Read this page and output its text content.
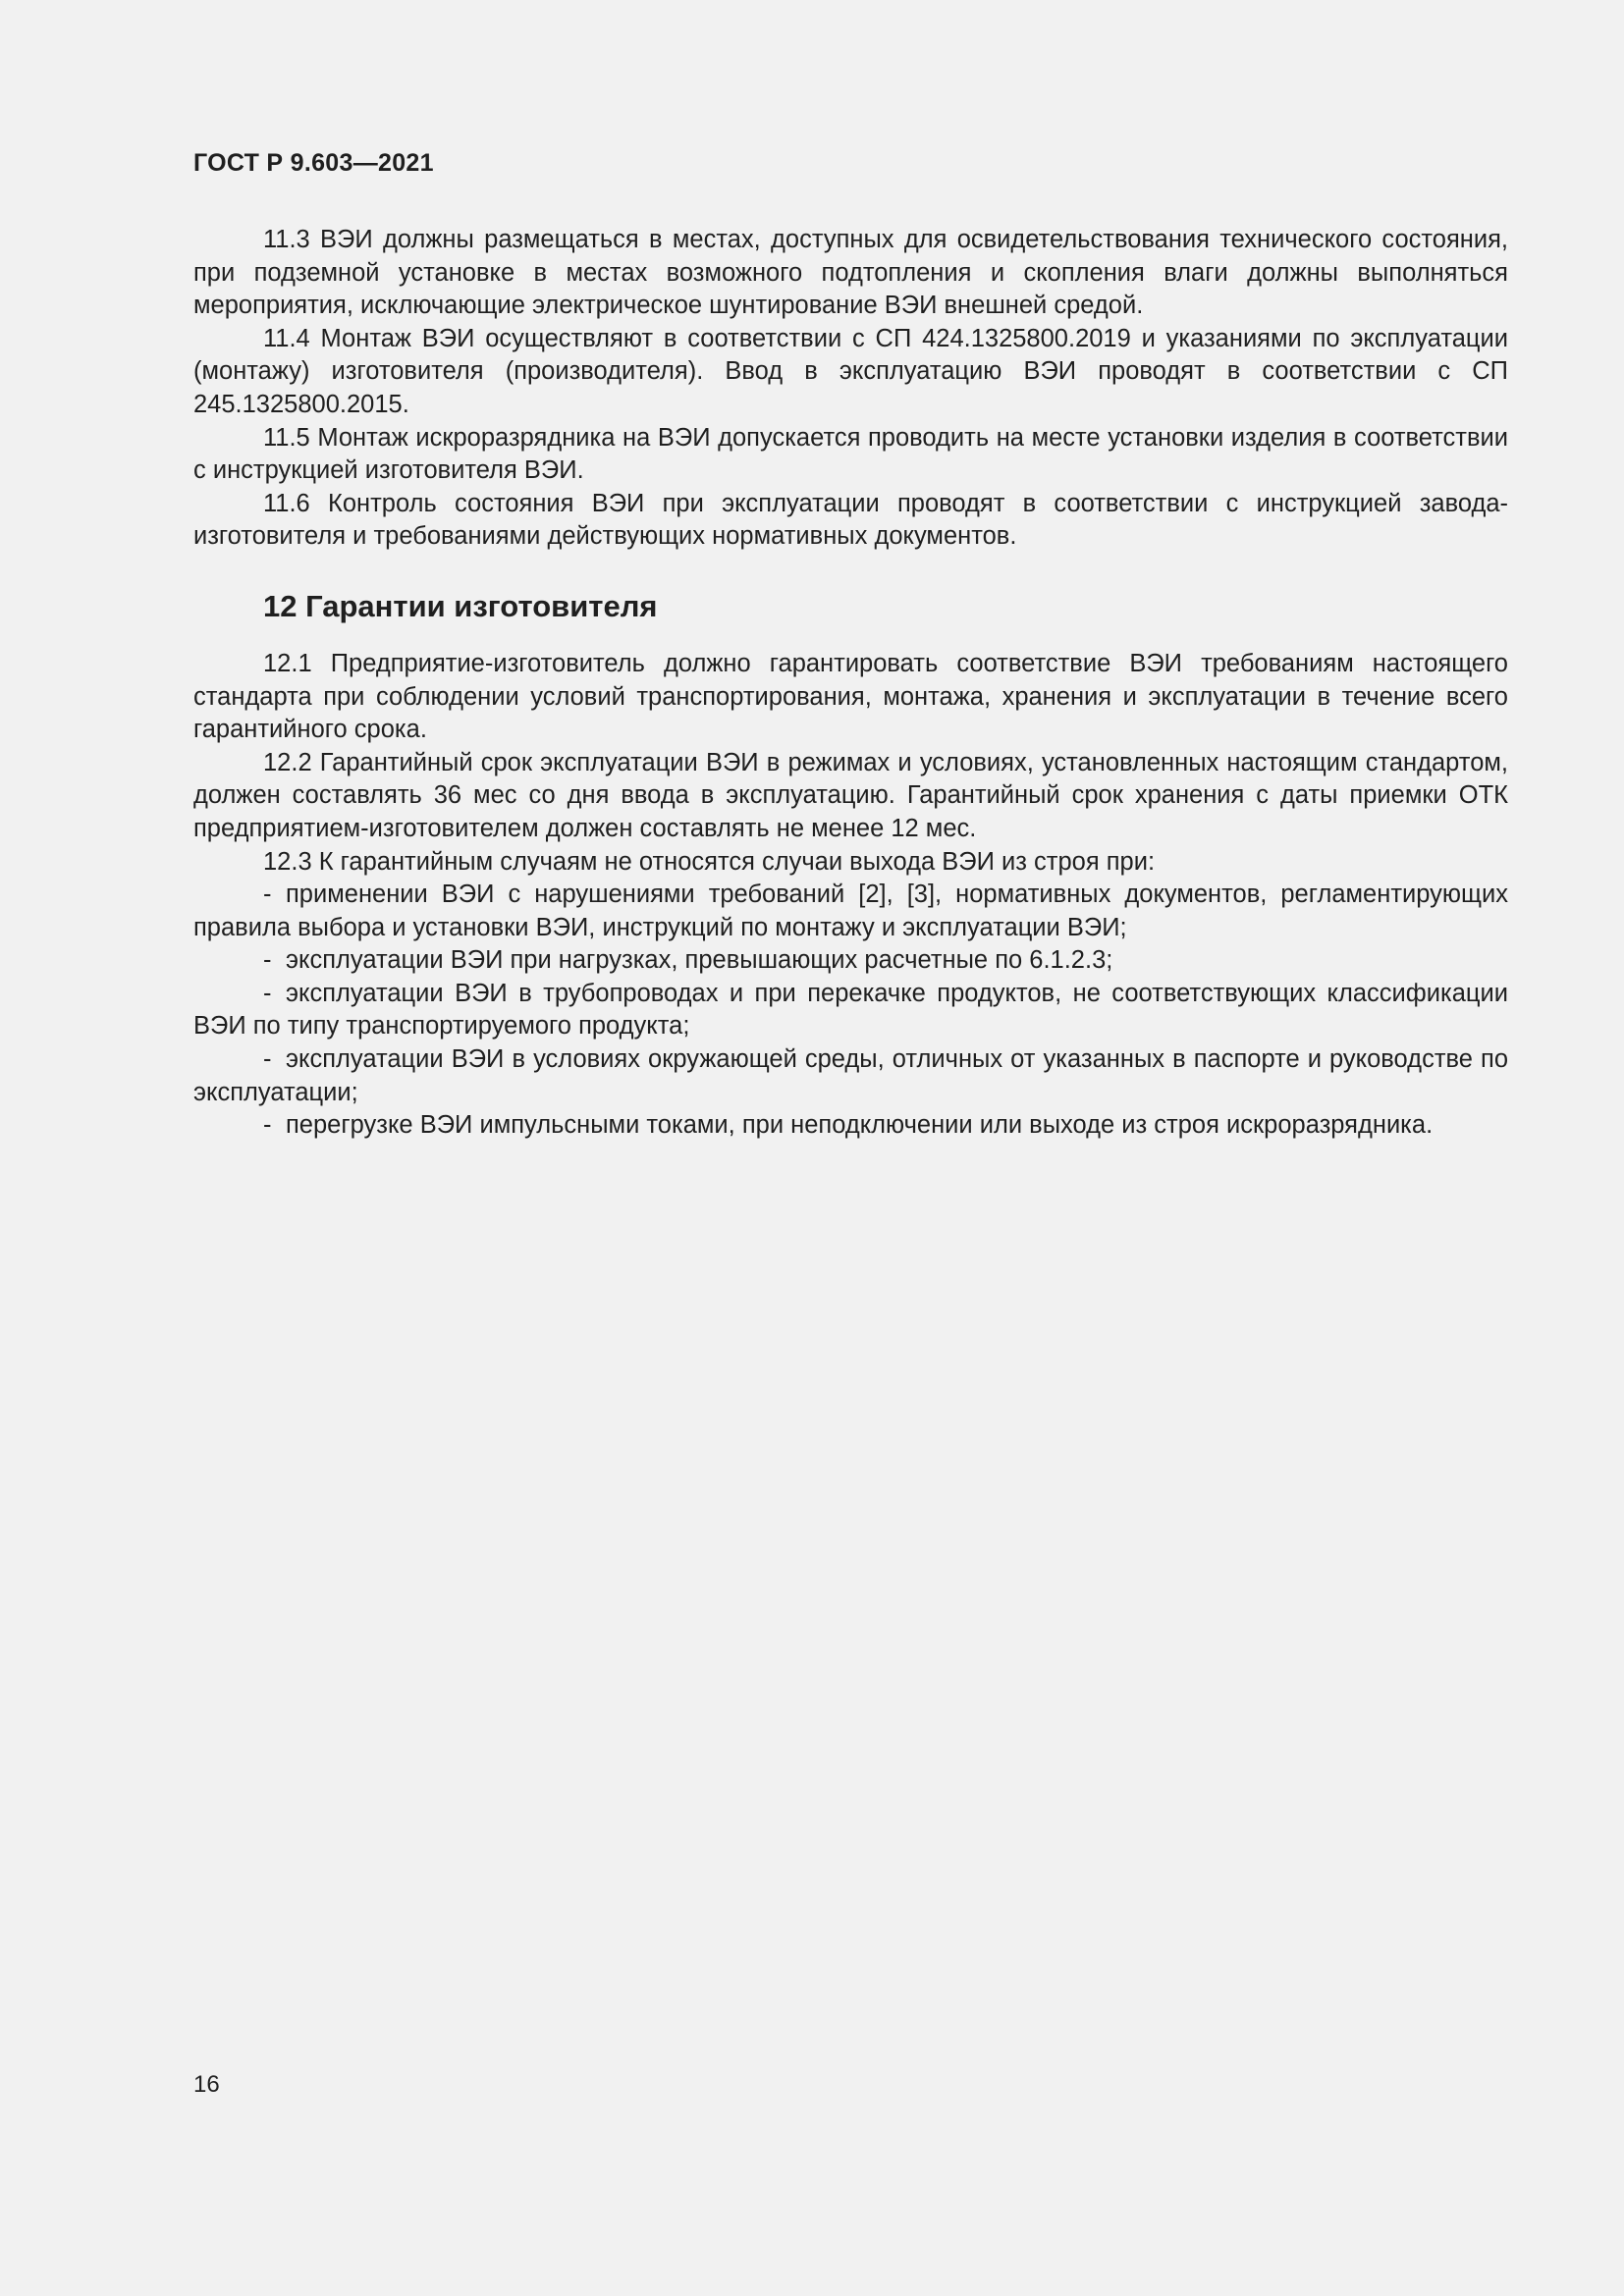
ГОСТ Р 9.603—2021

11.3 ВЭИ должны размещаться в местах, доступных для освидетельствования технического состояния, при подземной установке в местах возможного подтопления и скопления влаги должны выполняться мероприятия, исключающие электрическое шунтирование ВЭИ внешней средой.

11.4 Монтаж ВЭИ осуществляют в соответствии с СП 424.1325800.2019 и указаниями по эксплуатации (монтажу) изготовителя (производителя). Ввод в эксплуатацию ВЭИ проводят в соответствии с СП 245.1325800.2015.

11.5 Монтаж искроразрядника на ВЭИ допускается проводить на месте установки изделия в соответствии с инструкцией изготовителя ВЭИ.

11.6 Контроль состояния ВЭИ при эксплуатации проводят в соответствии с инструкцией завода-изготовителя и требованиями действующих нормативных документов.

12 Гарантии изготовителя

12.1 Предприятие-изготовитель должно гарантировать соответствие ВЭИ требованиям настоящего стандарта при соблюдении условий транспортирования, монтажа, хранения и эксплуатации в течение всего гарантийного срока.

12.2 Гарантийный срок эксплуатации ВЭИ в режимах и условиях, установленных настоящим стандартом, должен составлять 36 мес со дня ввода в эксплуатацию. Гарантийный срок хранения с даты приемки ОТК предприятием-изготовителем должен составлять не менее 12 мес.

12.3 К гарантийным случаям не относятся случаи выхода ВЭИ из строя при:

- применении ВЭИ с нарушениями требований [2], [3], нормативных документов, регламентирующих правила выбора и установки ВЭИ, инструкций по монтажу и эксплуатации ВЭИ;

- эксплуатации ВЭИ при нагрузках, превышающих расчетные по 6.1.2.3;

- эксплуатации ВЭИ в трубопроводах и при перекачке продуктов, не соответствующих классификации ВЭИ по типу транспортируемого продукта;

- эксплуатации ВЭИ в условиях окружающей среды, отличных от указанных в паспорте и руководстве по эксплуатации;

- перегрузке ВЭИ импульсными токами, при неподключении или выходе из строя искроразрядника.

16
